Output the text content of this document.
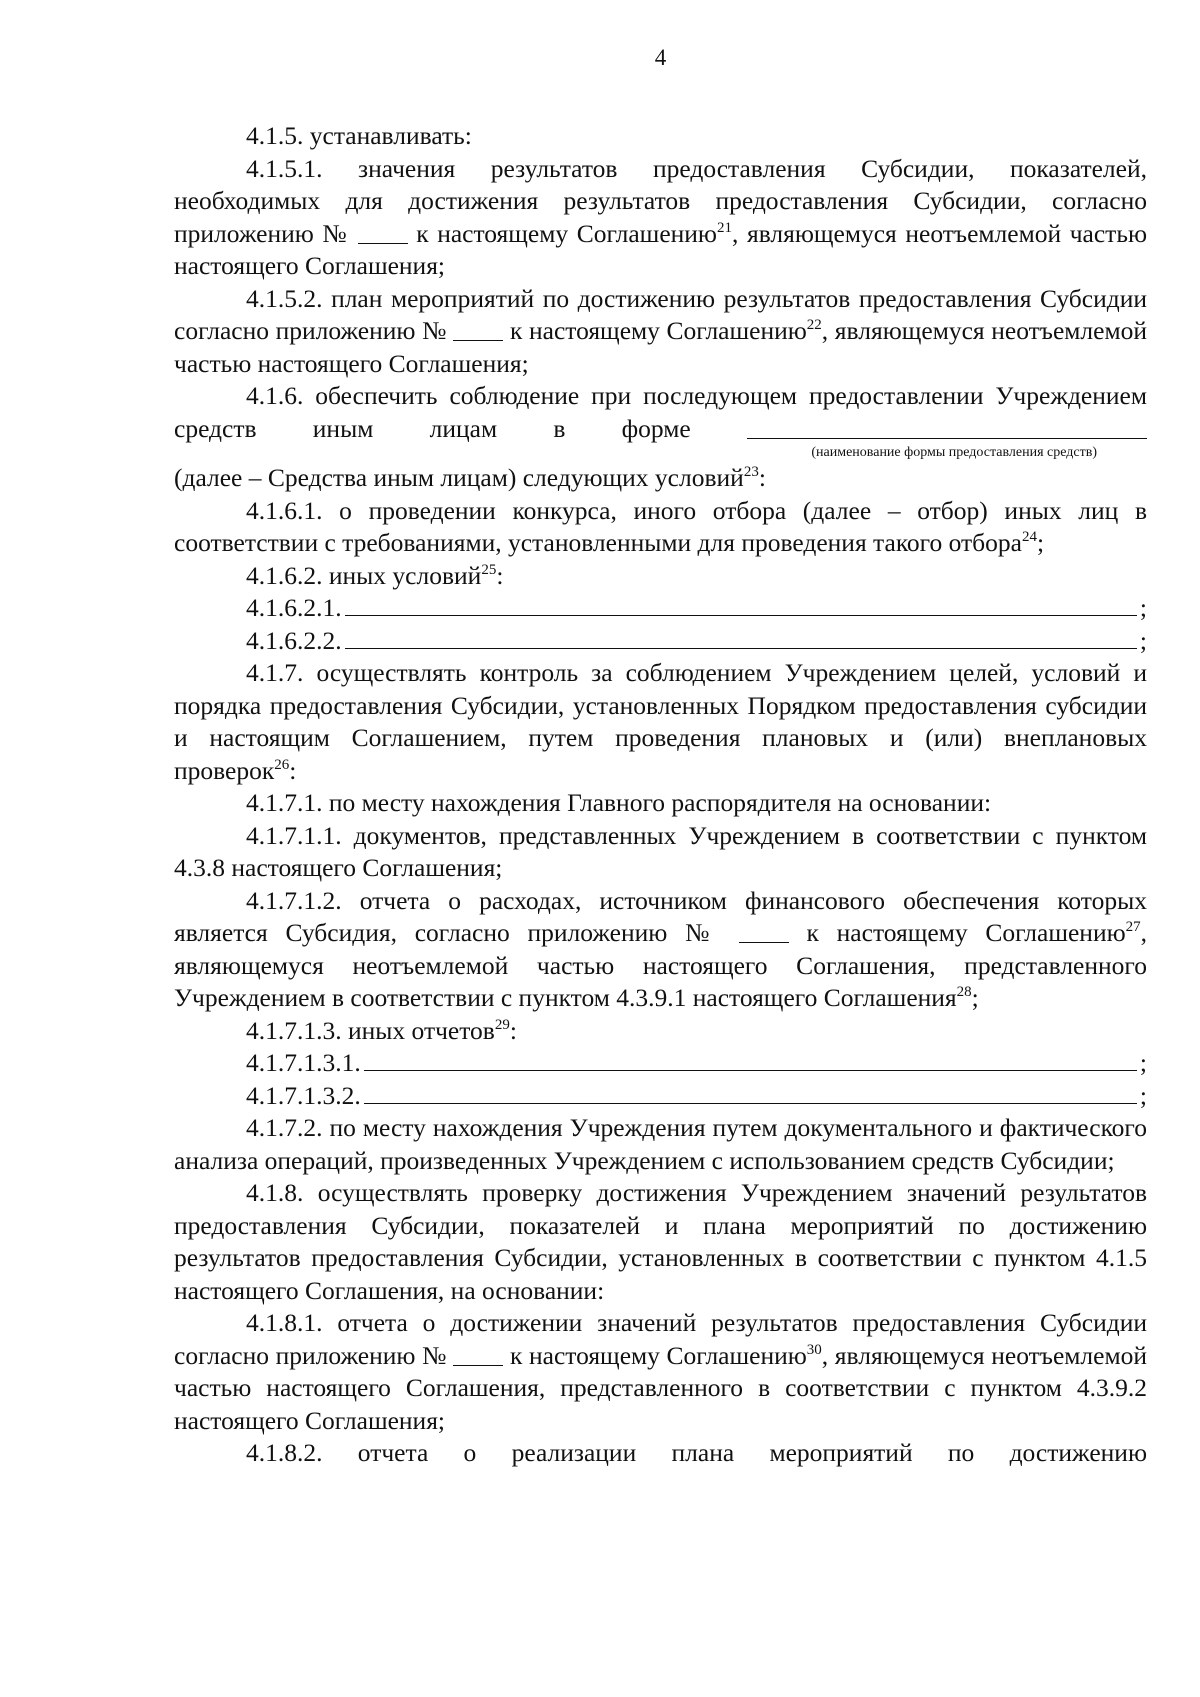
4

4.1.5. устанавливать:

4.1.5.1. значения результатов предоставления Субсидии, показателей, необходимых для достижения результатов предоставления Субсидии, согласно приложению №	к настоящему Соглашению$^{21}$, являющемуся неотъемлемой частью настоящего Соглашения;

4.1.5.2. план мероприятий по достижению результатов предоставления Субсидии согласно приложению № к настоящему Соглашению$^{22}$, являющемуся неотъемлемой частью настоящего Соглашения;

4.1.6. обеспечить соблюдение при последующем предоставлении Учреждением средств иным лицам в форме

(наименование формы предоставления средств)

(далее – Средства иным лицам) следующих условий$^{23}$:

4.1.6.1. о проведении конкурса, иного отбора (далее – отбор) иных лиц в соответствии с требованиями, установленными для проведения такого отбора$^{24}$;

4.1.6.2. иных условий$^{25}$:

4.1.6.2.1.	;
4.1.6.2.2.	;

4.1.7. осуществлять контроль за соблюдением Учреждением целей, условий и порядка предоставления Субсидии, установленных Порядком предоставления субсидии и настоящим Соглашением, путем проведения плановых и (или) внеплановых проверок$^{26}$:

4.1.7.1. по месту нахождения Главного распорядителя на основании:

4.1.7.1.1. документов, представленных Учреждением в соответствии с пунктом 4.3.8 настоящего Соглашения;

4.1.7.1.2. отчета о расходах, источником финансового обеспечения которых является Субсидия, согласно приложению №	к настоящему Соглашению$^{27}$, являющемуся неотъемлемой частью настоящего Соглашения, представленного Учреждением в соответствии с пунктом 4.3.9.1 настоящего Соглашения$^{28}$;

4.1.7.1.3. иных отчетов$^{29}$:

4.1.7.1.3.1.	;
4.1.7.1.3.2.	;

4.1.7.2. по месту нахождения Учреждения путем документального и фактического анализа операций, произведенных Учреждением с использованием средств Субсидии;

4.1.8. осуществлять проверку достижения Учреждением значений результатов предоставления Субсидии, показателей и плана мероприятий по достижению результатов предоставления Субсидии, установленных в соответствии с пунктом 4.1.5 настоящего Соглашения, на основании:

4.1.8.1. отчета о достижении значений результатов предоставления Субсидии согласно приложению № к настоящему Соглашению$^{30}$, являющемуся неотъемлемой частью настоящего Соглашения, представленного в соответствии с пунктом 4.3.9.2 настоящего Соглашения;

4.1.8.2. отчета о реализации плана мероприятий по достижению
